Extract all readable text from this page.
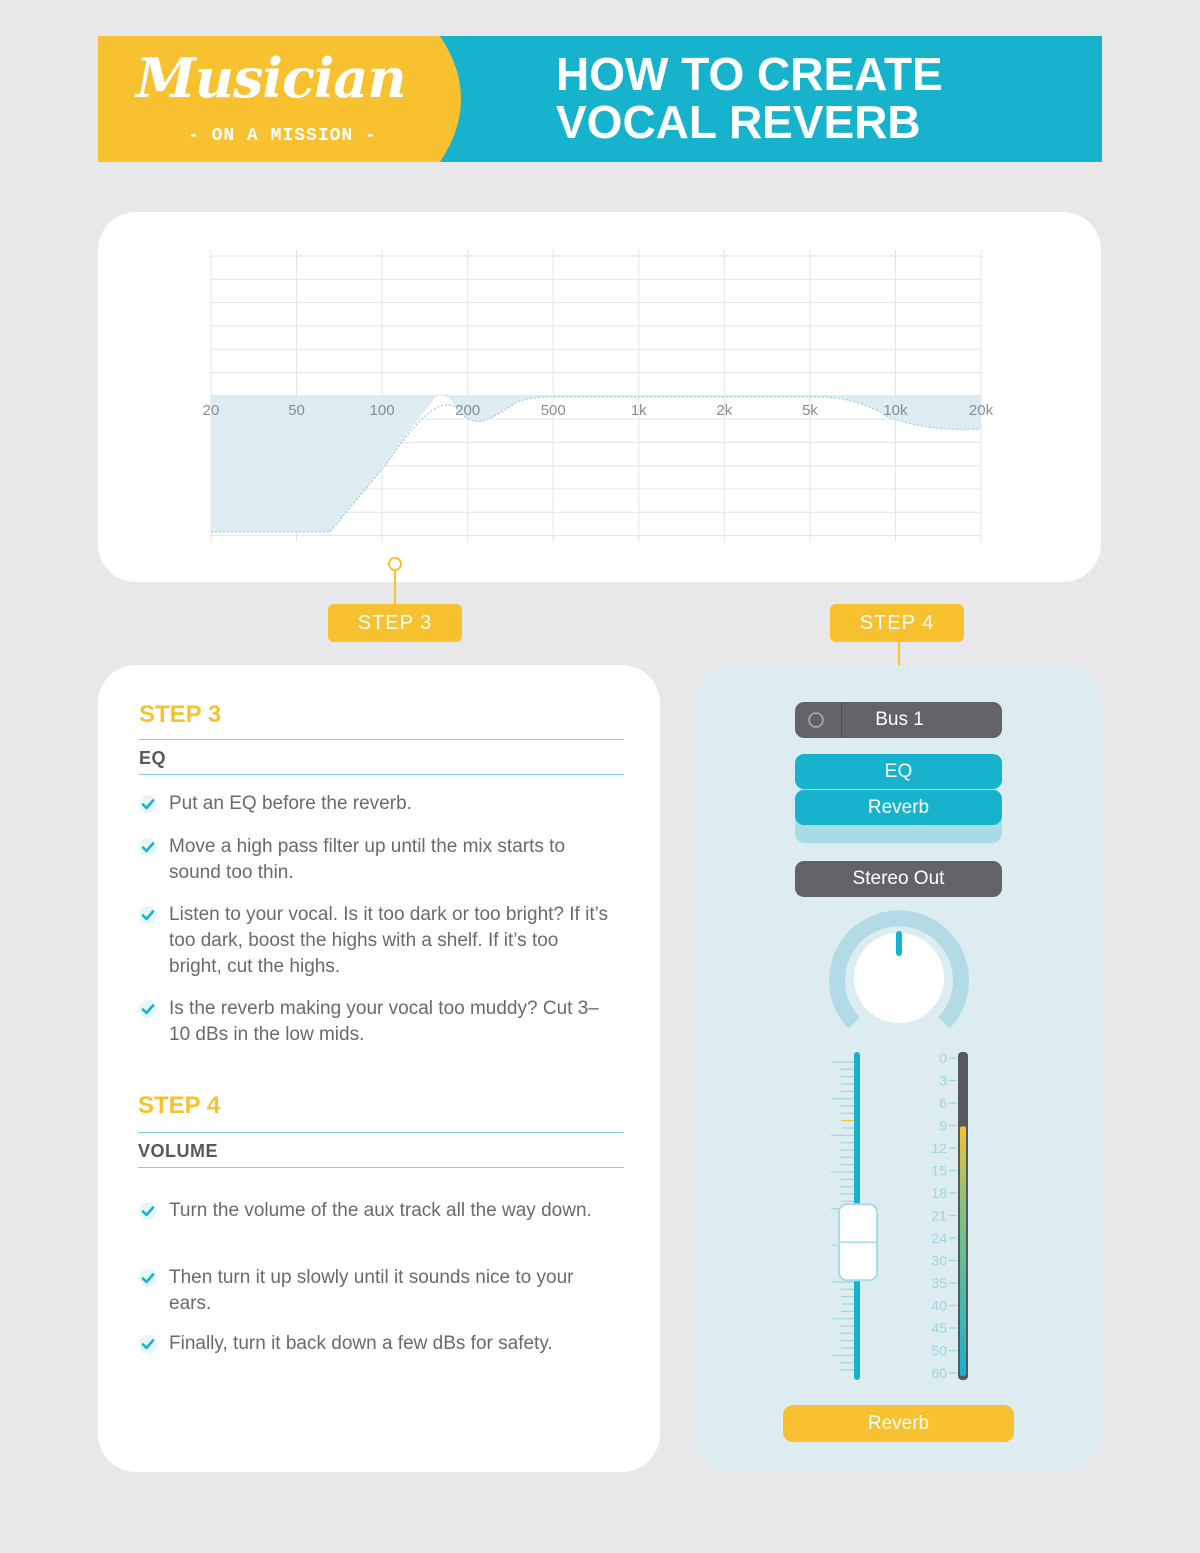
Musician
- ON A MISSION -
HOW TO CREATE
VOCAL REVERB
20	50	100	200	500	1k	2k	5k	10k	20k
STEP 3	STEP 4
STEP 3
EQ
Put an EQ before the reverb.
Move a high pass filter up until the mix starts to sound too thin.
Listen to your vocal. Is it too dark or too bright? If it’s too dark, boost the highs with a shelf. If it’s too bright, cut the highs.
Is the reverb making your vocal too muddy? Cut 3–10 dBs in the low mids.
STEP 4
VOLUME
Turn the volume of the aux track all the way down.
Then turn it up slowly until it sounds nice to your ears.
Finally, turn it back down a few dBs for safety.
Bus 1
EQ
Reverb
Stereo Out
0
3
6
9
12
15
18
21
24
30
35
40
45
50
60
Reverb
